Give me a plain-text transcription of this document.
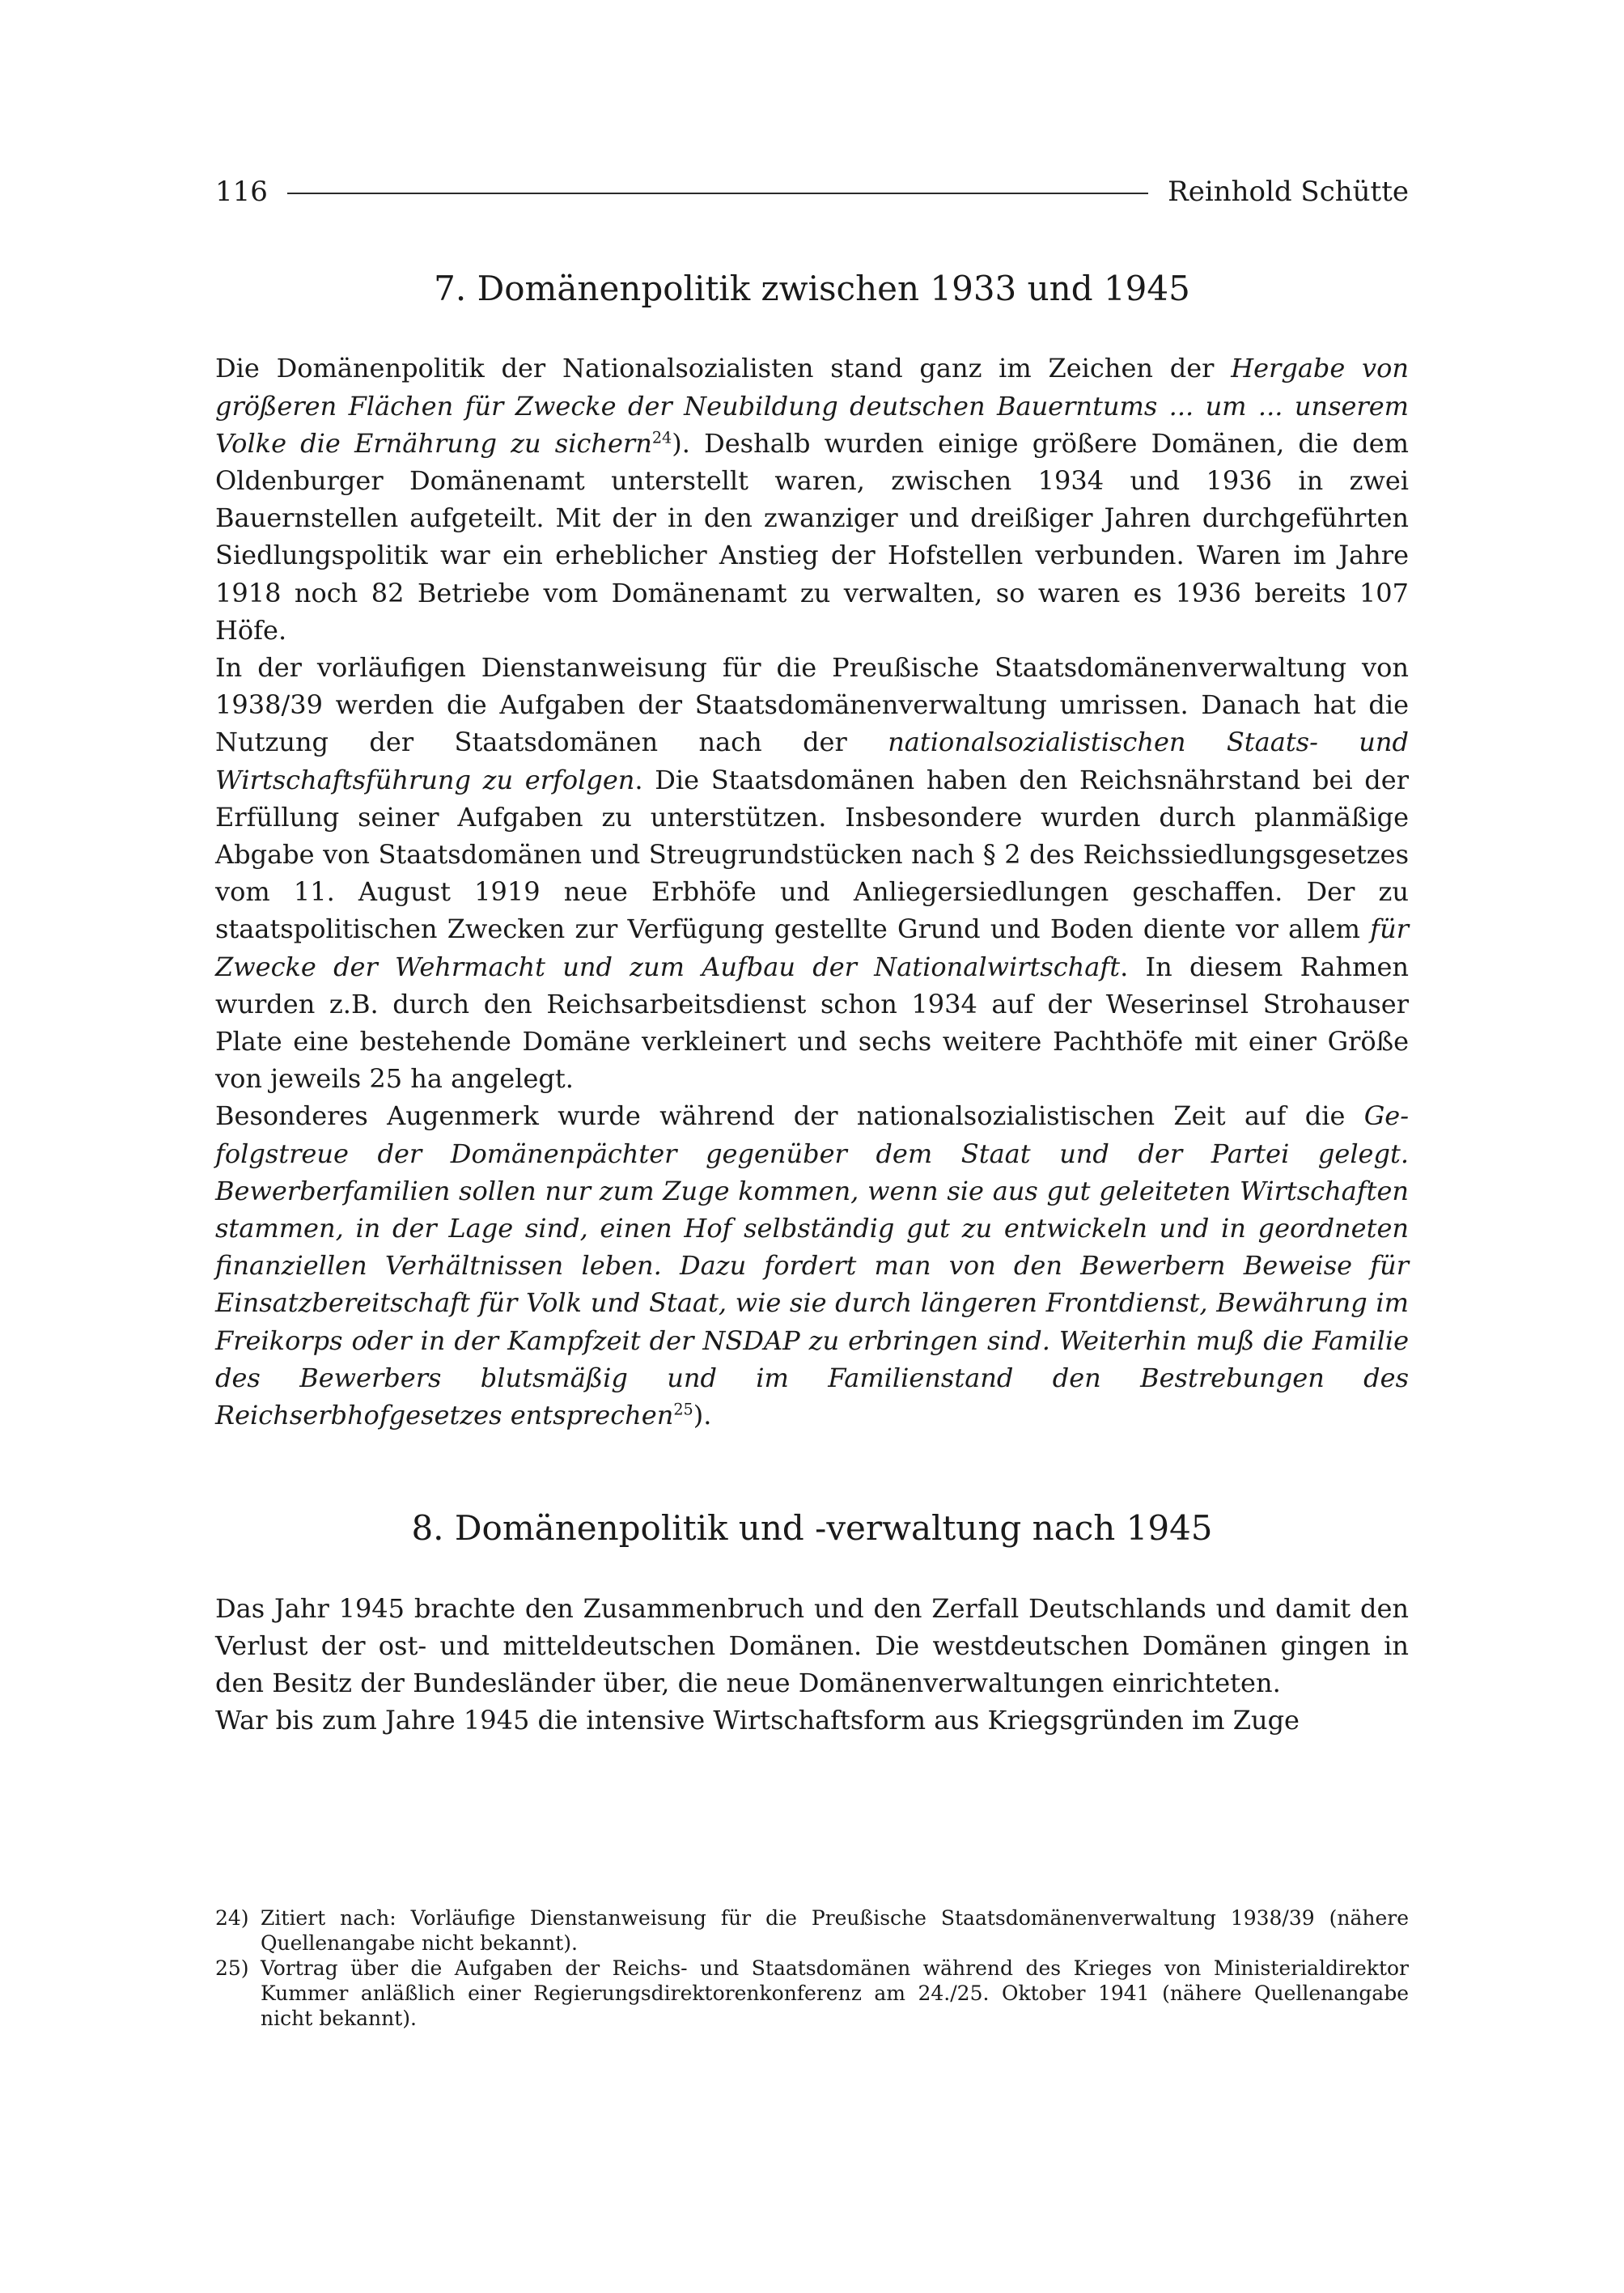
116	Reinhold Schütte
7. Domänenpolitik zwischen 1933 und 1945

Die Domänenpolitik der Nationalsozialisten stand ganz im Zeichen der Hergabe von größeren Flächen für Zwecke der Neubildung deutschen Bauerntums ... um ... unserem Volke die Ernährung zu sichern$^{24}$). Deshalb wurden einige größere Domänen, die dem Oldenburger Domänenamt unterstellt waren, zwischen 1934 und 1936 in zwei Bauernstellen aufgeteilt. Mit der in den zwanziger und dreißiger Jahren durchgeführten Siedlungspolitik war ein erheblicher Anstieg der Hofstellen verbunden. Waren im Jahre 1918 noch 82 Betriebe vom Domänenamt zu verwalten, so waren es 1936 bereits 107 Höfe.

In der vorläufigen Dienstanweisung für die Preußische Staatsdomänenverwaltung von 1938/39 werden die Aufgaben der Staatsdomänenverwaltung umrissen. Danach hat die Nutzung der Staatsdomänen nach der nationalsozialistischen Staats- und Wirtschaftsführung zu erfolgen. Die Staatsdomänen haben den Reichsnährstand bei der Erfüllung seiner Aufgaben zu unterstützen. Insbesondere wurden durch planmäßige Abgabe von Staatsdomänen und Streugrundstücken nach § 2 des Reichssiedlungsgesetzes vom 11. August 1919 neue Erbhöfe und Anliegersiedlungen geschaffen. Der zu staatspolitischen Zwecken zur Verfügung gestellte Grund und Boden diente vor allem für Zwecke der Wehrmacht und zum Aufbau der Nationalwirtschaft. In diesem Rahmen wurden z.B. durch den Reichsarbeitsdienst schon 1934 auf der Weserinsel Strohauser Plate eine bestehende Domäne verkleinert und sechs weitere Pachthöfe mit einer Größe von jeweils 25 ha angelegt.

Besonderes Augenmerk wurde während der nationalsozialistischen Zeit auf die Gefolgstreue der Domänenpächter gegenüber dem Staat und der Partei gelegt. Bewerberfamilien sollen nur zum Zuge kommen, wenn sie aus gut geleiteten Wirtschaften stammen, in der Lage sind, einen Hof selbständig gut zu entwickeln und in geordneten finanziellen Verhältnissen leben. Dazu fordert man von den Bewerbern Beweise für Einsatzbereitschaft für Volk und Staat, wie sie durch längeren Frontdienst, Bewährung im Freikorps oder in der Kampfzeit der NSDAP zu erbringen sind. Weiterhin muß die Familie des Bewerbers blutsmäßig und im Familienstand den Bestrebungen des Reichserbhofgesetzes entsprechen$^{25}$).

8. Domänenpolitik und -verwaltung nach 1945

Das Jahr 1945 brachte den Zusammenbruch und den Zerfall Deutschlands und damit den Verlust der ost- und mitteldeutschen Domänen. Die westdeutschen Domänen gingen in den Besitz der Bundesländer über, die neue Domänenverwaltungen einrichteten.

War bis zum Jahre 1945 die intensive Wirtschaftsform aus Kriegsgründen im Zuge

24) Zitiert nach: Vorläufige Dienstanweisung für die Preußische Staatsdomänenverwaltung 1938/39 (nähere Quellenangabe nicht bekannt).
25) Vortrag über die Aufgaben der Reichs- und Staatsdomänen während des Krieges von Ministerialdirektor Kummer anläßlich einer Regierungsdirektorenkonferenz am 24./25. Oktober 1941 (nähere Quellenangabe nicht bekannt).
